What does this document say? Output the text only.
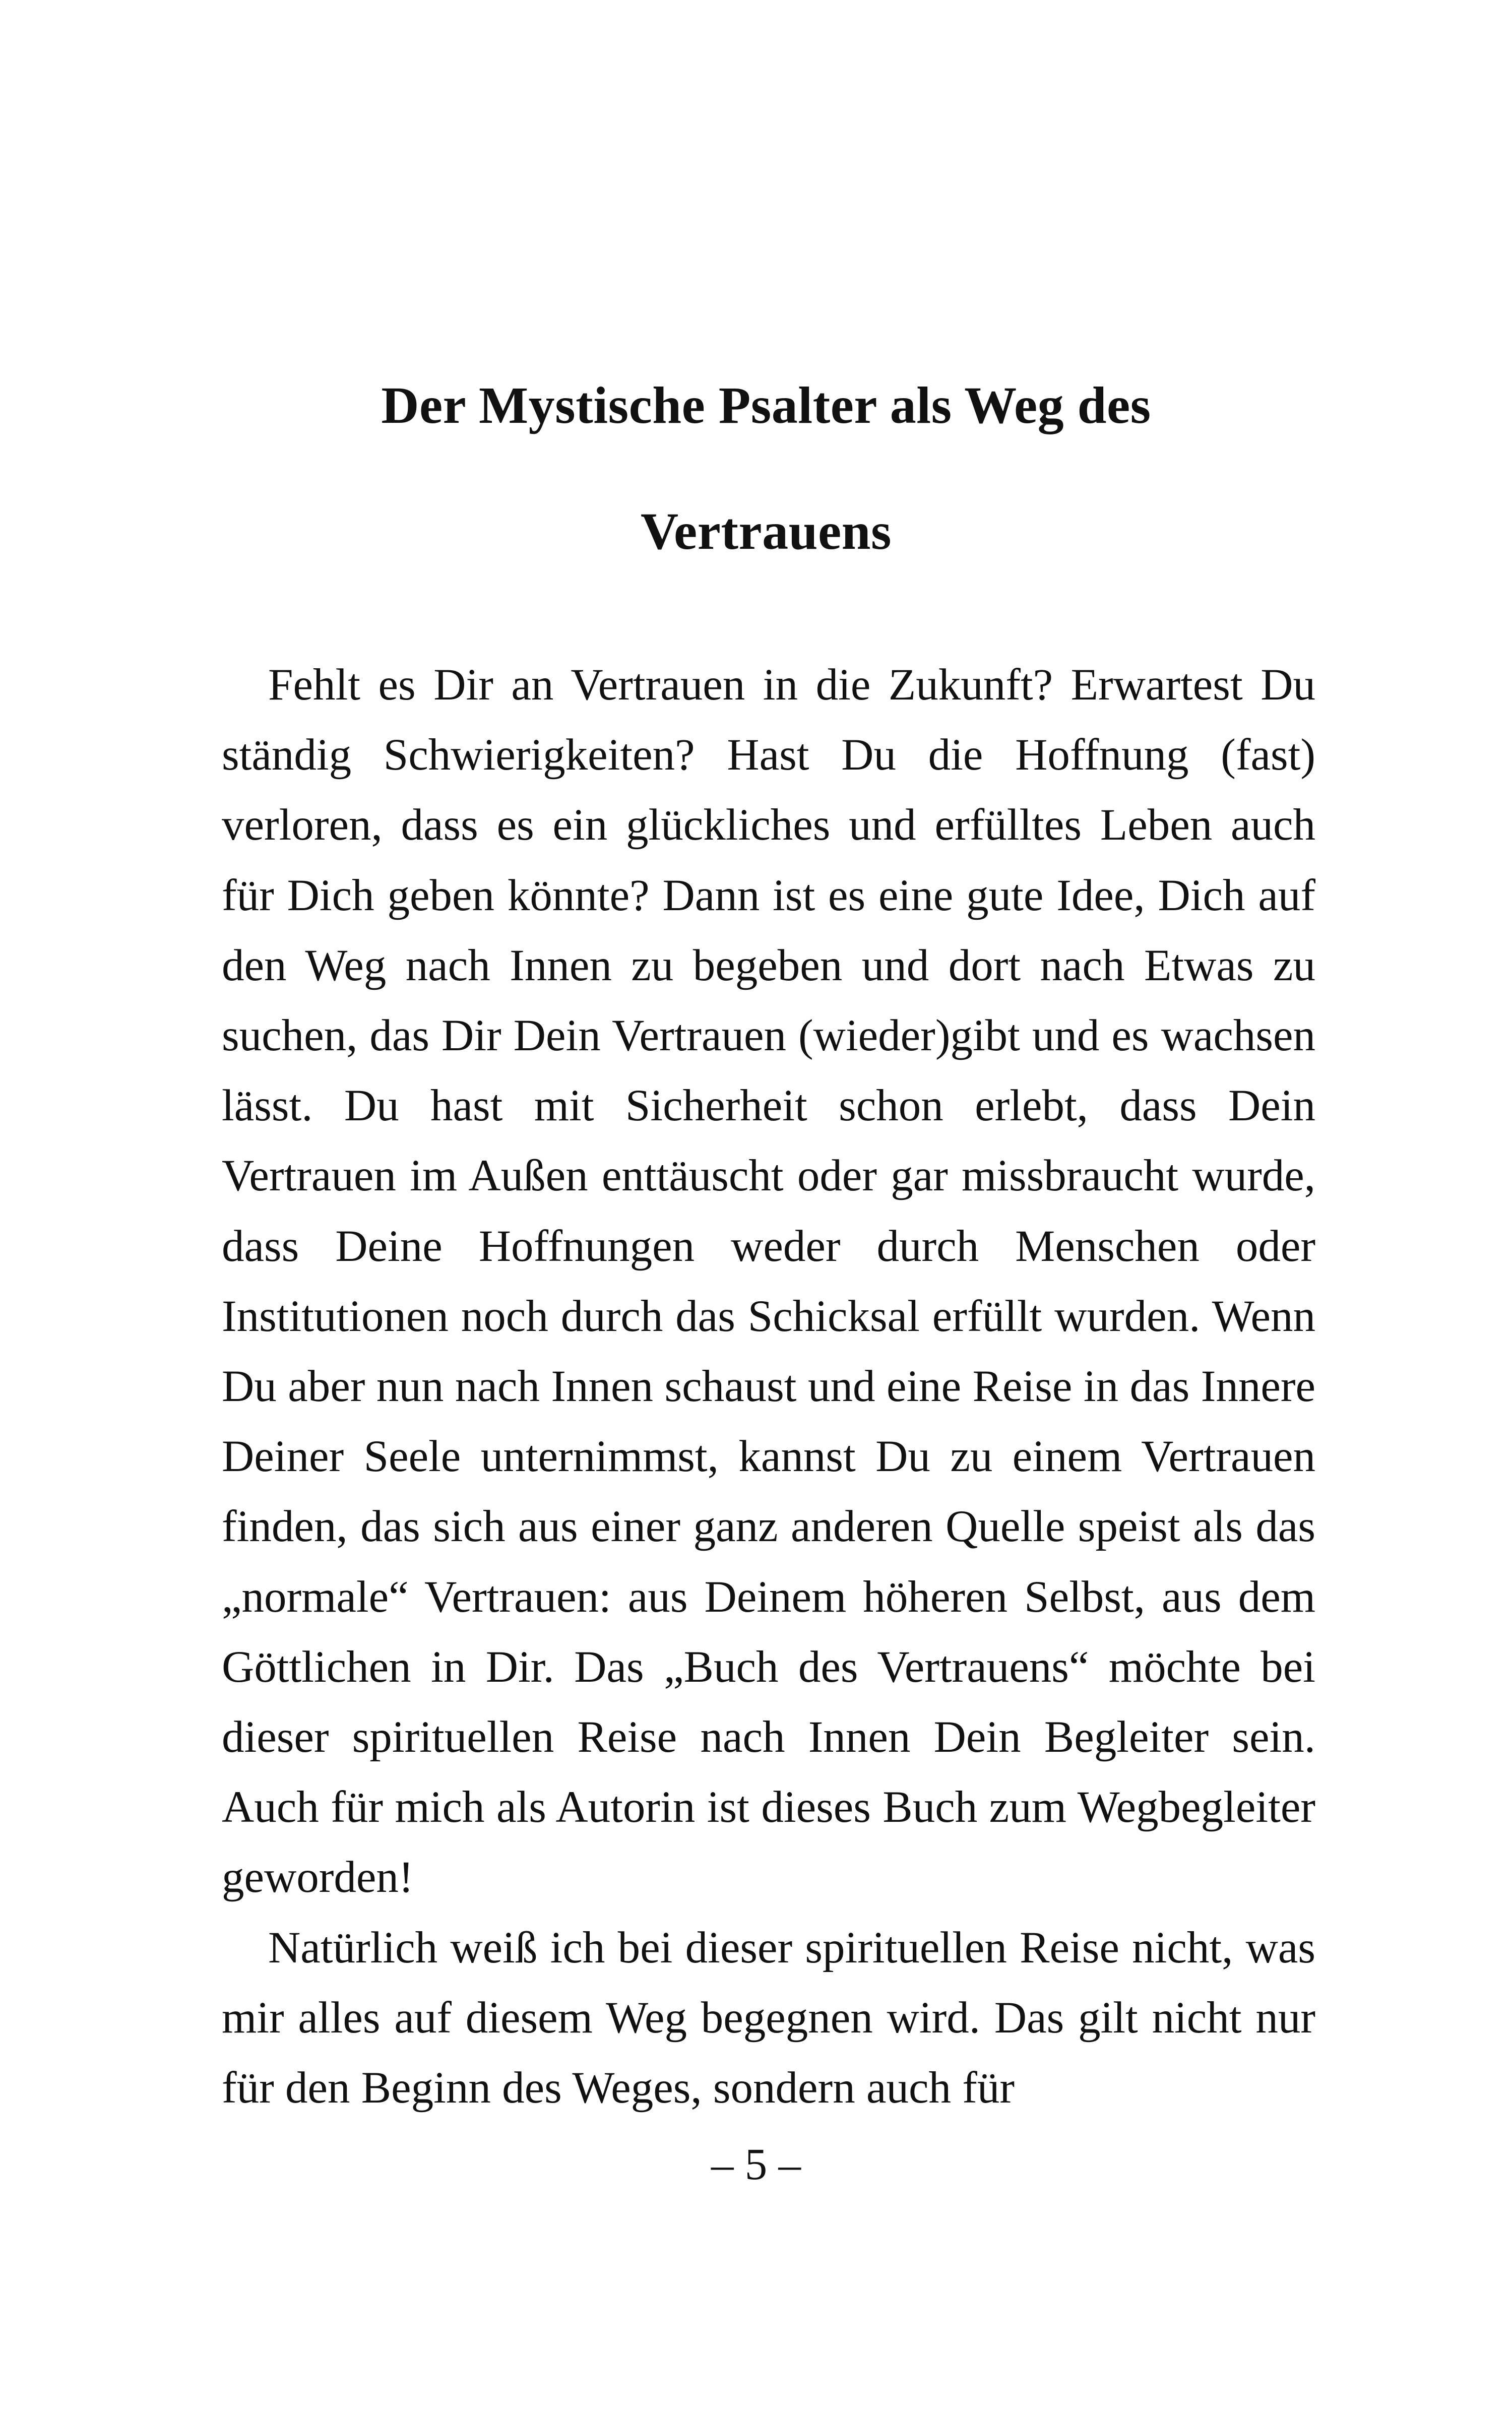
Der Mystische Psalter als Weg des
Vertrauens

Fehlt es Dir an Vertrauen in die Zukunft? Erwartest Du ständig Schwierigkeiten? Hast Du die Hoffnung (fast) verloren, dass es ein glückliches und erfülltes Leben auch für Dich geben könnte? Dann ist es eine gute Idee, Dich auf den Weg nach Innen zu begeben und dort nach Etwas zu suchen, das Dir Dein Vertrauen (wieder)gibt und es wachsen lässt. Du hast mit Sicherheit schon erlebt, dass Dein Vertrauen im Außen enttäuscht oder gar missbraucht wurde, dass Deine Hoffnungen weder durch Menschen oder Institutionen noch durch das Schicksal erfüllt wurden. Wenn Du aber nun nach Innen schaust und eine Reise in das Innere Deiner Seele unternimmst, kannst Du zu einem Vertrauen finden, das sich aus einer ganz anderen Quelle speist als das „normale“ Vertrauen: aus Deinem höheren Selbst, aus dem Göttlichen in Dir. Das „Buch des Vertrauens“ möchte bei dieser spirituellen Reise nach Innen Dein Begleiter sein. Auch für mich als Autorin ist dieses Buch zum Wegbegleiter geworden!

Natürlich weiß ich bei dieser spirituellen Reise nicht, was mir alles auf diesem Weg begegnen wird. Das gilt nicht nur für den Beginn des Weges, sondern auch für

– 5 –
